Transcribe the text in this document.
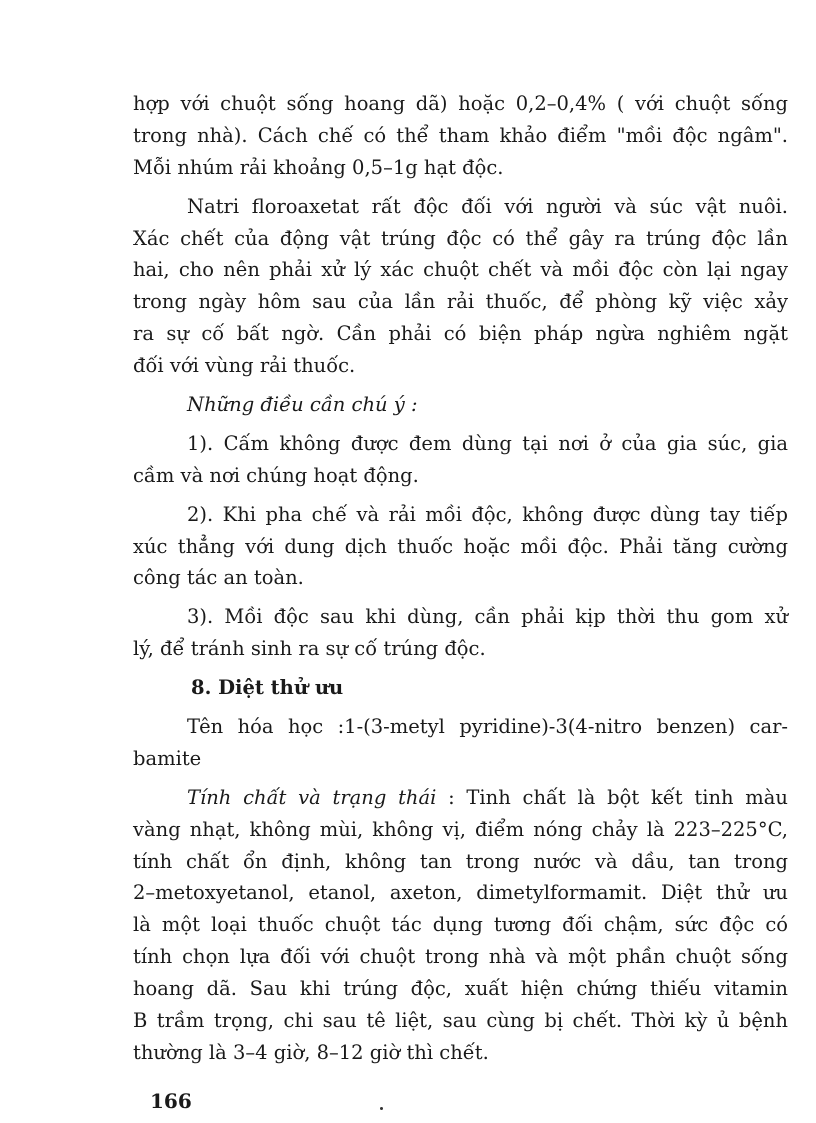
hợp với chuột sống hoang dã) hoặc 0,2–0,4% ( với chuột sống
trong nhà). Cách chế có thể tham khảo điểm "mồi độc ngâm".
Mỗi nhúm rải khoảng 0,5–1g hạt độc.
Natri floroaxetat rất độc đối với người và súc vật nuôi.
Xác chết của động vật trúng độc có thể gây ra trúng độc lần
hai, cho nên phải xử lý xác chuột chết và mồi độc còn lại ngay
trong ngày hôm sau của lần rải thuốc, để phòng kỹ việc xảy
ra sự cố bất ngờ. Cần phải có biện pháp ngừa nghiêm ngặt
đối với vùng rải thuốc.
Những điều cần chú ý :
1). Cấm không được đem dùng tại nơi ở của gia súc, gia
cầm và nơi chúng hoạt động.
2). Khi pha chế và rải mồi độc, không được dùng tay tiếp
xúc thẳng với dung dịch thuốc hoặc mồi độc. Phải tăng cường
công tác an toàn.
3). Mồi độc sau khi dùng, cần phải kịp thời thu gom xử
lý, để tránh sinh ra sự cố trúng độc.
8. Diệt thử ưu
Tên hóa học :1-(3-metyl pyridine)-3(4-nitro benzen) car-
bamite
Tính chất và trạng thái : Tinh chất là bột kết tinh màu
vàng nhạt, không mùi, không vị, điểm nóng chảy là 223–225°C,
tính chất ổn định, không tan trong nước và dầu, tan trong
2–metoxyetanol, etanol, axeton, dimetylformamit. Diệt thử ưu
là một loại thuốc chuột tác dụng tương đối chậm, sức độc có
tính chọn lựa đối với chuột trong nhà và một phần chuột sống
hoang dã. Sau khi trúng độc, xuất hiện chứng thiếu vitamin
B trầm trọng, chi sau tê liệt, sau cùng bị chết. Thời kỳ ủ bệnh
thường là 3–4 giờ, 8–12 giờ thì chết.
166
